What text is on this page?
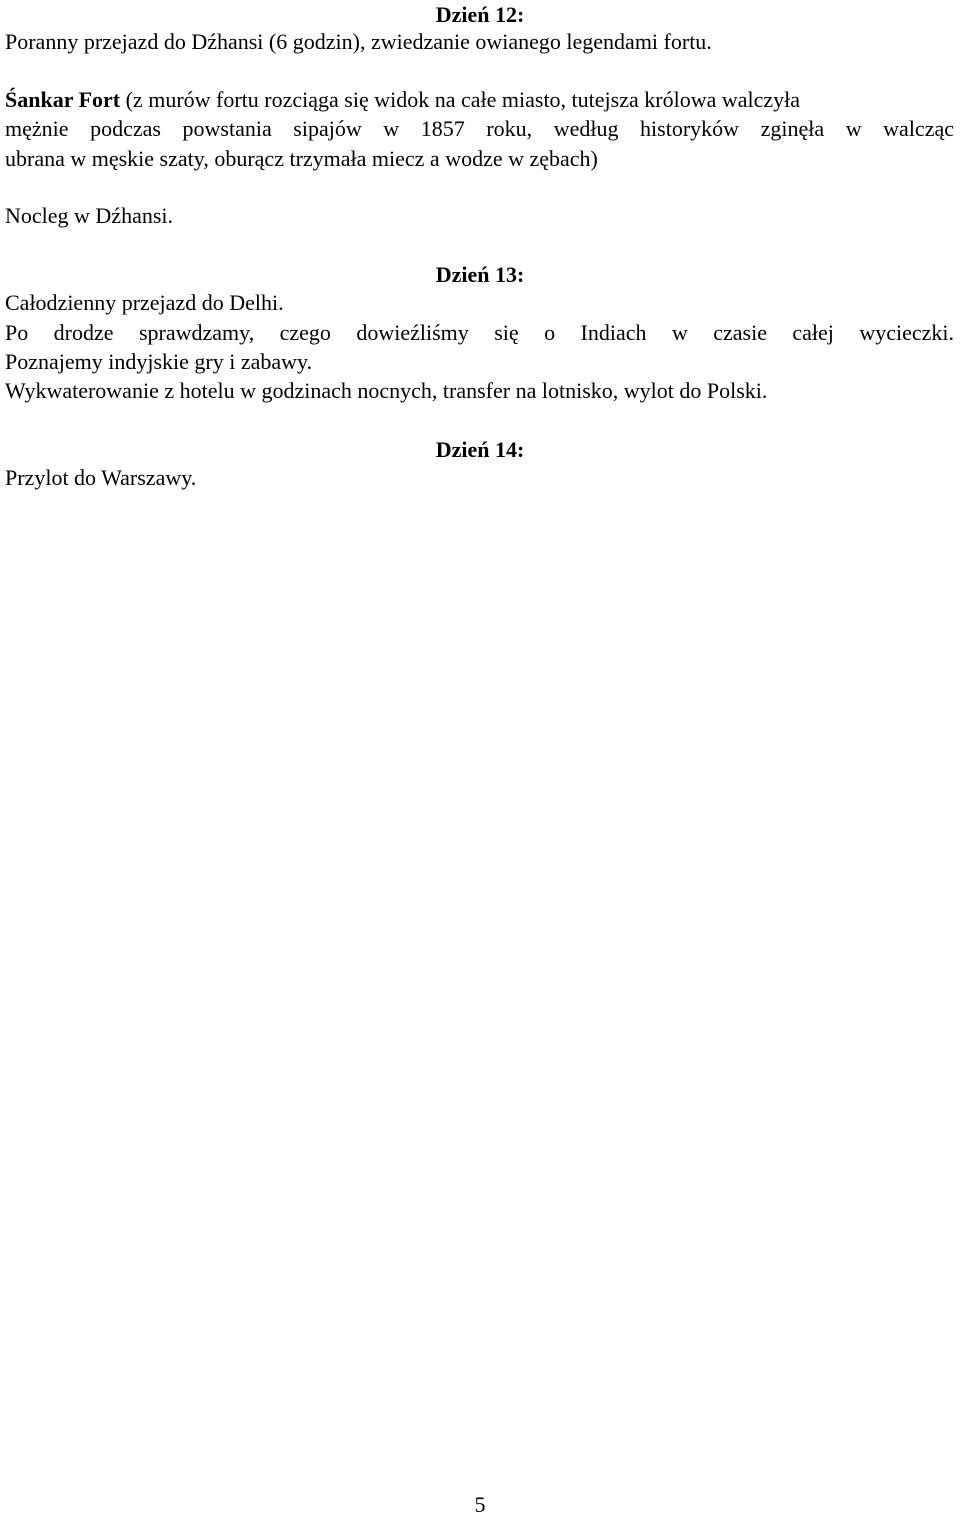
Dzień 12:
Poranny przejazd do Dźhansi (6 godzin), zwiedzanie owianego legendami fortu.
Śankar Fort (z murów fortu rozciąga się widok na całe miasto, tutejsza królowa walczyła
mężnie podczas powstania sipajów w 1857 roku, według historyków zginęła w walcząc
ubrana w męskie szaty, oburącz trzymała miecz a wodze w zębach)
Nocleg w Dźhansi.
Dzień 13:
Całodzienny przejazd do Delhi.
Po drodze sprawdzamy, czego dowieźliśmy się o Indiach w czasie całej wycieczki.
Poznajemy indyjskie gry i zabawy.
Wykwaterowanie z hotelu w godzinach nocnych, transfer na lotnisko, wylot do Polski.
Dzień 14:
Przylot do Warszawy.
5
